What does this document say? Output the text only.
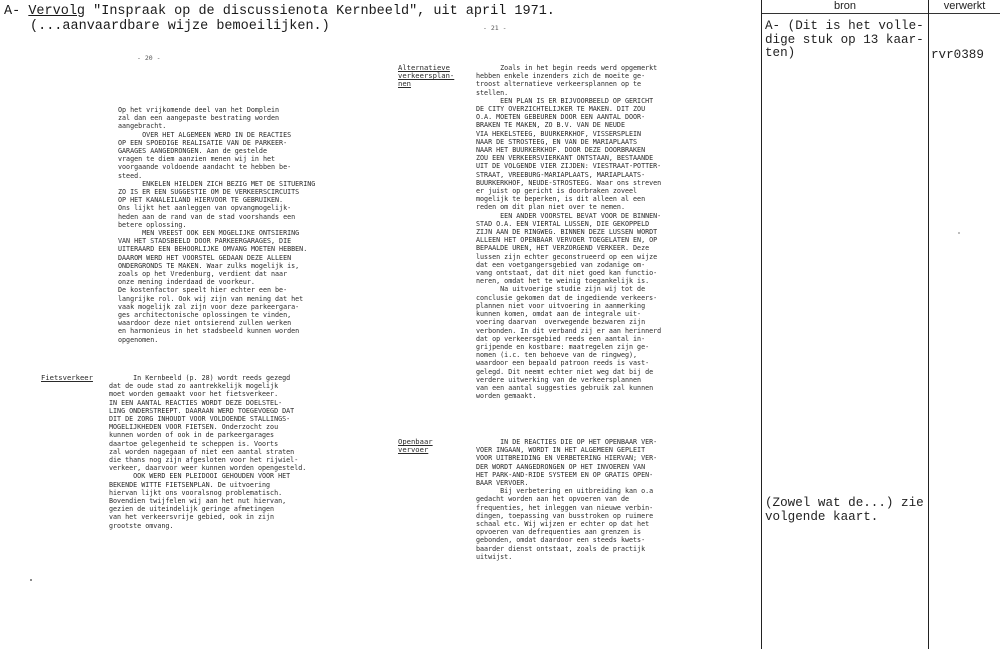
A- Vervolg "Inspraak op de discussienota Kernbeeld", uit april 1971.
(...aanvaardbare wijze bemoeilijken.)
- 20 -
Op het vrijkomende deel van het Domplein
zal dan een aangepaste bestrating worden
aangebracht.
OVER HET ALGEMEEN WERD IN DE REACTIES
OP EEN SPOEDIGE REALISATIE VAN DE PARKEER-
GARAGES AANGEDRONGEN. Aan de gestelde
vragen te diem aanzien menen wij in het
voorgaande voldoende aandacht te hebben be-
steed.
ENKELEN HIELDEN ZICH BEZIG MET DE SITUERING
ZO IS ER EEN SUGGESTIE OM DE VERKEERSCIRCUITS
OP HET KANALEILAND HIERVOOR TE GEBRUIKEN.
Ons lijkt het aanleggen van opvangmogelijk-
heden aan de rand van de stad voorshands een
betere oplossing.
MEN VREEST OOK EEN MOGELIJKE ONTSIERING
VAN HET STADSBEELD DOOR PARKEERGARAGES, DIE
UITERAARD EEN BEHOORLIJKE OMVANG MOETEN HEBBEN.
DAAROM WERD HET VOORSTEL GEDAAN DEZE ALLEEN
ONDERGRONDS TE MAKEN. Waar zulks mogelijk is,
zoals op het Vredenburg, verdient dat naar
onze mening inderdaad de voorkeur.
De kostenfactor speelt hier echter een be-
langrijke rol. Ook wij zijn van mening dat het
vaak mogelijk zal zijn voor deze parkeergara-
ges architectonische oplossingen te vinden,
waardoor deze niet ontsierend zullen werken
en harmonieus in het stadsbeeld kunnen worden
opgenomen.
Fietsverkeer	In Kernbeeld (p. 28) wordt reeds gezegd
dat de oude stad zo aantrekkelijk mogelijk
moet worden gemaakt voor het fietsverkeer.
IN EEN AANTAL REACTIES WORDT DEZE DOELSTEL-
LING ONDERSTREEPT. DAARAAN WERD TOEGEVOEGD DAT
DIT DE ZORG INHOUDT VOOR VOLDOENDE STALLINGS-
MOGELIJKHEDEN VOOR FIETSEN. Onderzocht zou
kunnen worden of ook in de parkeergarages
daartoe gelegenheid te scheppen is. Voorts
zal worden nagegaan of niet een aantal straten
die thans nog zijn afgesloten voor het rijwiel-
verkeer, daarvoor weer kunnen worden opengesteld.
OOK WERD EEN PLEIDOOI GEHOUDEN VOOR HET
BEKENDE WITTE FIETSENPLAN. De uitvoering
hiervan lijkt ons vooralsnog problematisch.
Bovendien twijfelen wij aan het nut hiervan,
gezien de uiteindelijk geringe afmetingen
van het verkeersvrije gebied, ook in zijn
grootste omvang.
- 21 -
Alternatieve
verkeersplan-
nen
Zoals in het begin reeds werd opgemerkt
hebben enkele inzenders zich de moeite ge-
troost alternatieve verkeersplannen op te
stellen.
EEN PLAN IS ER BIJVOORBEELD OP GERICHT
DE CITY OVERZICHTELIJKER TE MAKEN. DIT ZOU
O.A. MOETEN GEBEUREN DOOR EEN AANTAL DOOR-
BRAKEN TE MAKEN, ZO B.V. VAN DE NEUDE
VIA HEKELSTEEG, BUURKERKHOF, VISSERSPLEIN
NAAR DE STROSTEEG, EN VAN DE MARIAPLAATS
NAAR HET BUURKERKHOF. DOOR DEZE DOORBRAKEN
ZOU EEN VERKEERSVIERKANT ONTSTAAN, BESTAANDE
UIT DE VOLGENDE VIER ZIJDEN: VIESTRAAT-POTTER-
STRAAT, VREEBURG-MARIAPLAATS, MARIAPLAATS-
BUURKERKHOF, NEUDE-STROSTEEG. Waar ons streven
er juist op gericht is doorbraken zoveel
mogelijk te beperken, is dit alleen al een
reden om dit plan niet over te nemen.
EEN ANDER VOORSTEL BEVAT VOOR DE BINNEN-
STAD O.A. EEN VIERTAL LUSSEN, DIE GEKOPPELD
ZIJN AAN DE RINGWEG. BINNEN DEZE LUSSEN WORDT
ALLEEN HET OPENBAAR VERVOER TOEGELATEN EN, OP
BEPAALDE UREN, HET VERZORGEND VERKEER. Deze
lussen zijn echter geconstrueerd op een wijze
dat een voetgangersgebied van zodanige om-
vang ontstaat, dat dit niet goed kan functio-
neren, omdat het te weinig toegankelijk is.
Na uitvoerige studie zijn wij tot de
conclusie gekomen dat de ingediende verkeers-
plannen niet voor uitvoering in aanmerking
kunnen komen, omdat aan de integrale uit-
voering daarvan  overwegende bezwaren zijn
verbonden. In dit verband zij er aan herinnerd
dat op verkeersgebied reeds een aantal in-
grijpende en kostbare: maatregelen zijn ge-
nomen (i.c. ten behoeve van de ringweg),
waardoor een bepaald patroon reeds is vast-
gelegd. Dit neemt echter niet weg dat bij de
verdere uitwerking van de verkeersplannen
van een aantal suggesties gebruik zal kunnen
worden gemaakt.
Openbaar
vervoer
IN DE REACTIES DIE OP HET OPENBAAR VER-
VOER INGAAN, WORDT IN HET ALGEMEEN GEPLEIT
VOOR UITBREIDING EN VERBETERING HIERVAN; VER-
DER WORDT AANGEDRONGEN OP HET INVOEREN VAN
HET PARK-AND-RIDE SYSTEEM EN OP GRATIS OPEN-
BAAR VERVOER.
Bij verbetering en uitbreiding kan o.a
gedacht worden aan het opvoeren van de
frequenties, het inleggen van nieuwe verbin-
dingen, toepassing van busstroken op ruimere
schaal etc. Wij wijzen er echter op dat het
opvoeren van defrequenties aan grenzen is
gebonden, omdat daardoor een steeds kwets-
baarder dienst ontstaat, zoals de practijk
uitwijst.
bron	verwerkt
A- (Dit is het volle-
dige stuk op 13 kaar-
ten)	rvr0389
(Zowel wat de...) zie
volgende kaart.
